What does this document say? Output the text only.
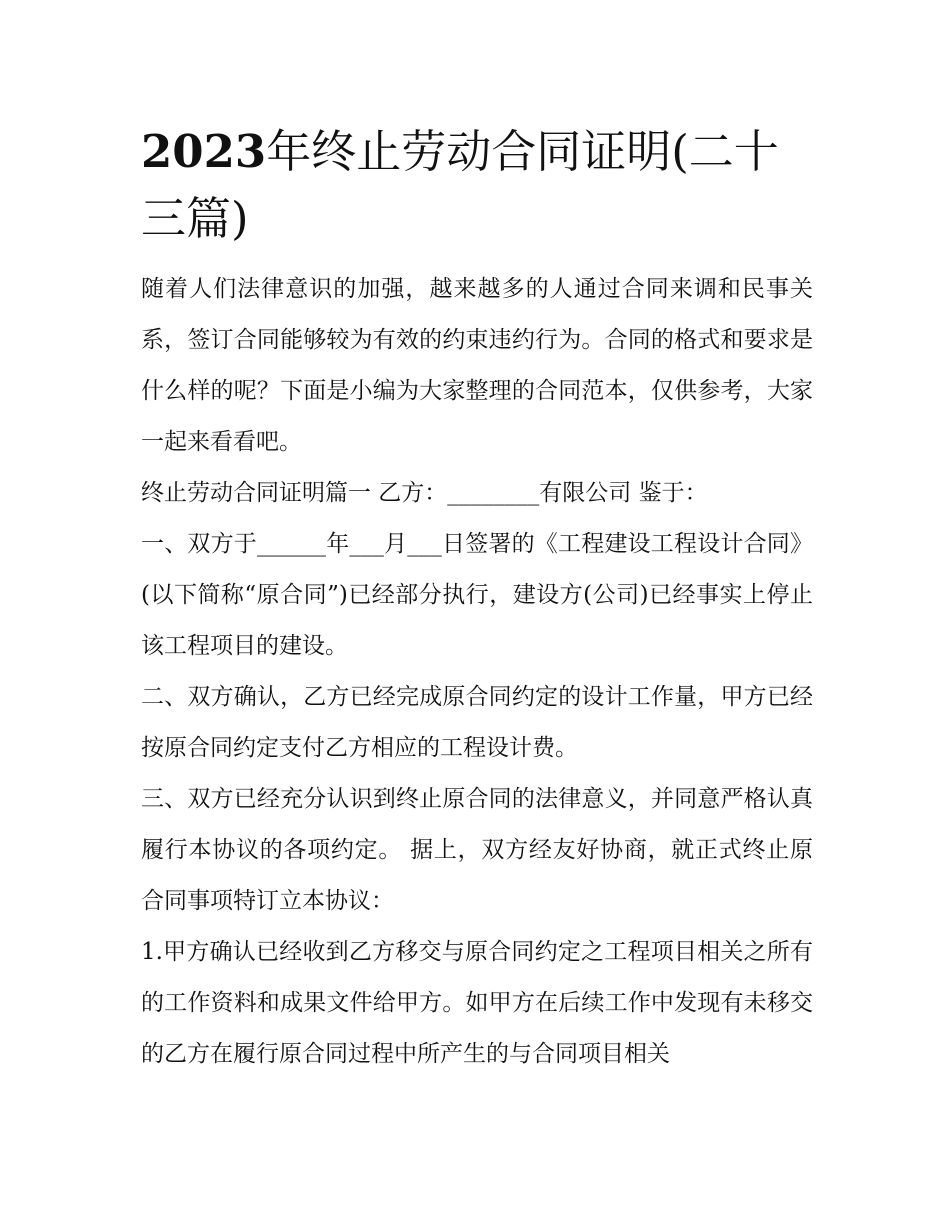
2023年终止劳动合同证明(二十三篇)

随着人们法律意识的加强，越来越多的人通过合同来调和民事关系，签订合同能够较为有效的约束违约行为。合同的格式和要求是什么样的呢？下面是小编为大家整理的合同范本，仅供参考，大家一起来看看吧。

终止劳动合同证明篇一 乙方：________有限公司 鉴于：

一、双方于______年___月___日签署的《工程建设工程设计合同》(以下简称“原合同”)已经部分执行，建设方(公司)已经事实上停止该工程项目的建设。

二、双方确认，乙方已经完成原合同约定的设计工作量，甲方已经按原合同约定支付乙方相应的工程设计费。

三、双方已经充分认识到终止原合同的法律意义，并同意严格认真履行本协议的各项约定。 据上，双方经友好协商，就正式终止原合同事项特订立本协议：

1.甲方确认已经收到乙方移交与原合同约定之工程项目相关之所有的工作资料和成果文件给甲方。如甲方在后续工作中发现有未移交的乙方在履行原合同过程中所产生的与合同项目相关
